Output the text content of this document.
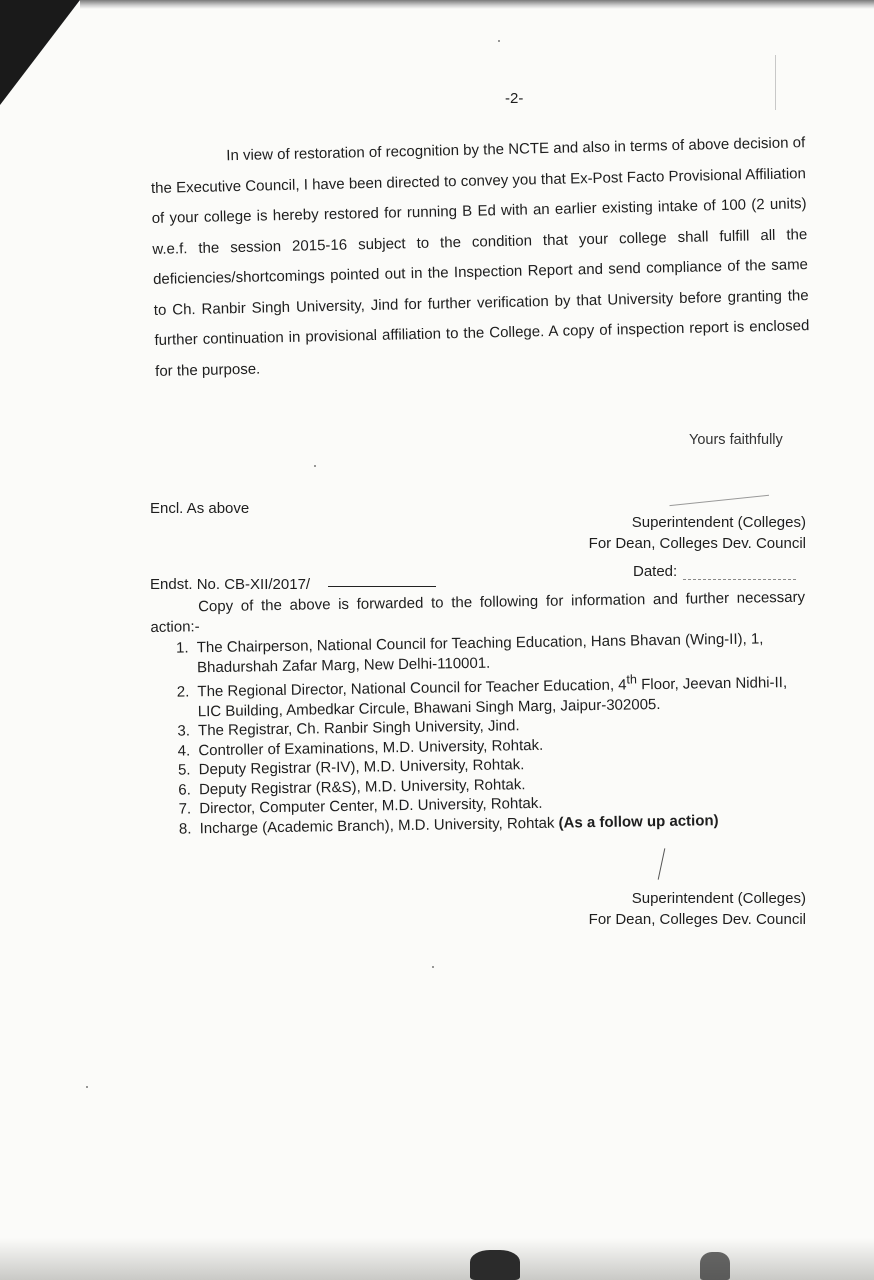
-2-

In view of restoration of recognition by the NCTE and also in terms of above decision of the Executive Council, I have been directed to convey you that Ex-Post Facto Provisional Affiliation of your college is hereby restored for running B Ed with an earlier existing intake of 100 (2 units) w.e.f. the session 2015-16 subject to the condition that your college shall fulfill all the deficiencies/shortcomings pointed out in the Inspection Report and send compliance of the same to Ch. Ranbir Singh University, Jind for further verification by that University before granting the further continuation in provisional affiliation to the College. A copy of inspection report is enclosed for the purpose.

Yours faithfully
Encl. As above
Superintendent (Colleges)
For Dean, Colleges Dev. Council
Dated:
Endst. No. CB-XII/2017/

Copy of the above is forwarded to the following for information and further necessary action:-

1. The Chairperson, National Council for Teaching Education, Hans Bhavan (Wing-II), 1, Bhadurshah Zafar Marg, New Delhi-110001.
2. The Regional Director, National Council for Teacher Education, 4th Floor, Jeevan Nidhi-II, LIC Building, Ambedkar Circule, Bhawani Singh Marg, Jaipur-302005.
3. The Registrar, Ch. Ranbir Singh University, Jind.
4. Controller of Examinations, M.D. University, Rohtak.
5. Deputy Registrar (R-IV), M.D. University, Rohtak.
6. Deputy Registrar (R&S), M.D. University, Rohtak.
7. Director, Computer Center, M.D. University, Rohtak.
8. Incharge (Academic Branch), M.D. University, Rohtak (As a follow up action)
Superintendent (Colleges)
For Dean, Colleges Dev. Council
